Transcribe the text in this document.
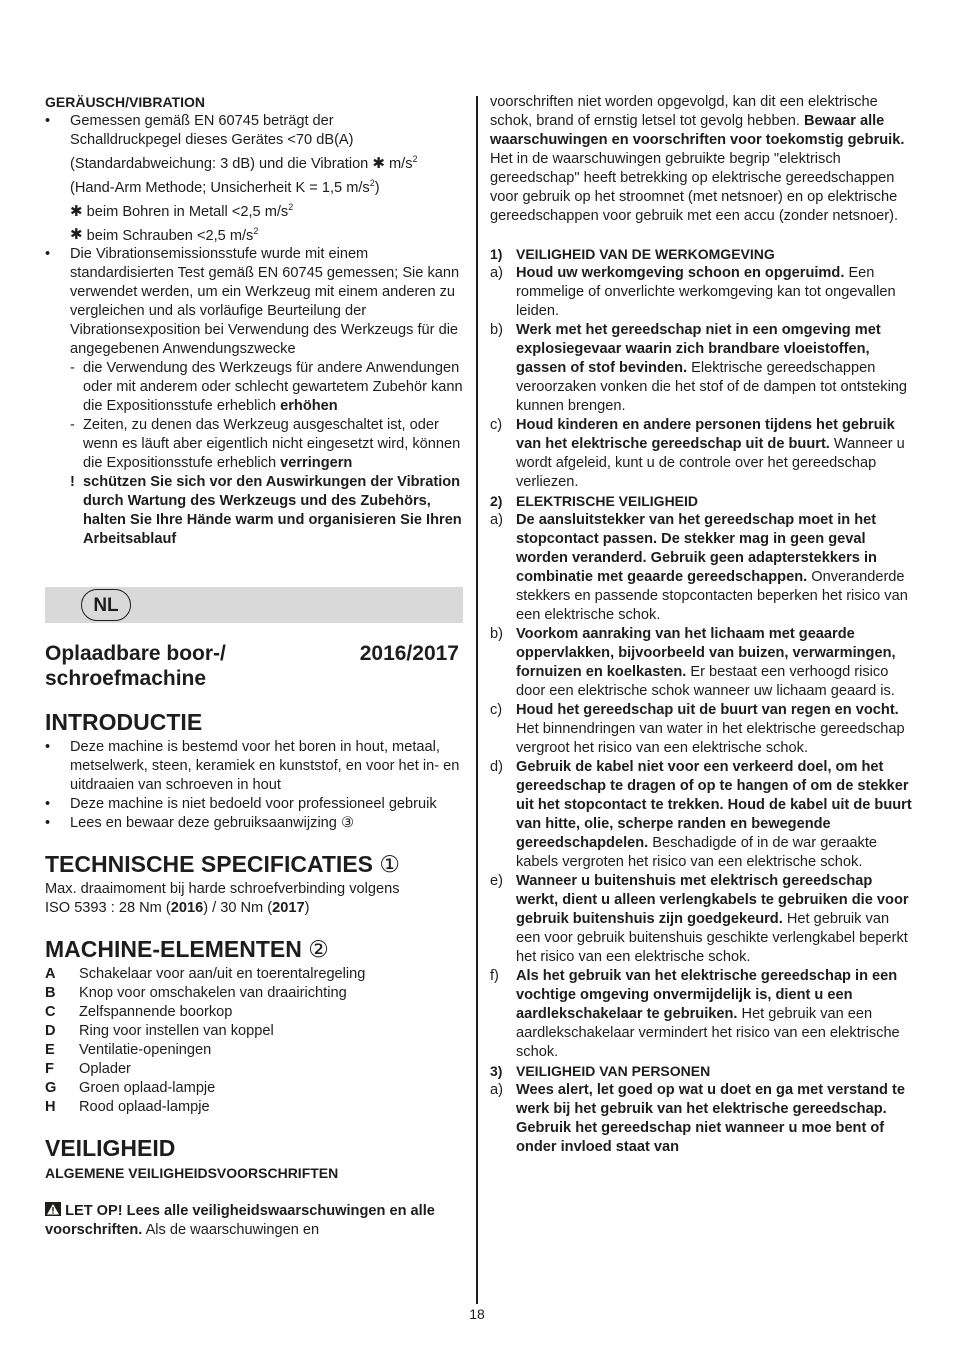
GERÄUSCH/VIBRATION

• Gemessen gemäß EN 60745 beträgt der
Schalldruckpegel dieses Gerätes <70 dB(A)
(Standardabweichung: 3 dB) und die Vibration ✱ $m/s^2$
(Hand-Arm Methode; Unsicherheit K = 1,5 $m/s^2$)
✱ beim Bohren in Metall <2,5 $m/s^2$
✱ beim Schrauben <2,5 $m/s^2$

• Die Vibrationsemissionsstufe wurde mit einem standardisierten Test gemäß EN 60745 gemessen; Sie kann verwendet werden, um ein Werkzeug mit einem anderen zu vergleichen und als vorläufige Beurteilung der Vibrationsexposition bei Verwendung des Werkzeugs für die angegebenen Anwendungszwecke

- die Verwendung des Werkzeugs für andere Anwendungen oder mit anderem oder schlecht gewartetem Zubehör kann die Expositionsstufe erheblich erhöhen
- Zeiten, zu denen das Werkzeug ausgeschaltet ist, oder wenn es läuft aber eigentlich nicht eingesetzt wird, können die Expositionsstufe erheblich verringern
! schützen Sie sich vor den Auswirkungen der Vibration durch Wartung des Werkzeugs und des Zubehörs, halten Sie Ihre Hände warm und organisieren Sie Ihren Arbeitsablauf
NL
Oplaadbare boor-/
schroefmachine
2016/2017

INTRODUCTIE

• Deze machine is bestemd voor het boren in hout, metaal, metselwerk, steen, keramiek en kunststof, en voor het in- en uitdraaien van schroeven in hout

• Deze machine is niet bedoeld voor professioneel gebruik

• Lees en bewaar deze gebruiksaanwijzing ③

TECHNISCHE SPECIFICATIES ①

Max. draaimoment bij harde schroefverbinding volgens

ISO 5393 : 28 Nm (2016) / 30 Nm (2017)

MACHINE-ELEMENTEN ②

A	Schakelaar voor aan/uit en toerentalregeling
B	Knop voor omschakelen van draairichting
C	Zelfspannende boorkop
D	Ring voor instellen van koppel
E	Ventilatie-openingen
F	Oplader
G	Groen oplaad-lampje
H	Rood oplaad-lampje

VEILIGHEID

ALGEMENE VEILIGHEIDSVOORSCHRIFTEN

LET OP! Lees alle veiligheidswaarschuwingen en alle voorschriften. Als de waarschuwingen en

voorschriften niet worden opgevolgd, kan dit een elektrische schok, brand of ernstig letsel tot gevolg hebben. Bewaar alle waarschuwingen en voorschriften voor toekomstig gebruik. Het in de waarschuwingen gebruikte begrip "elektrisch gereedschap" heeft betrekking op elektrische gereedschappen voor gebruik op het stroomnet (met netsnoer) en op elektrische gereedschappen voor gebruik met een accu (zonder netsnoer).

1) VEILIGHEID VAN DE WERKOMGEVING
a) Houd uw werkomgeving schoon en opgeruimd. Een rommelige of onverlichte werkomgeving kan tot ongevallen leiden.
b) Werk met het gereedschap niet in een omgeving met explosiegevaar waarin zich brandbare vloeistoffen, gassen of stof bevinden. Elektrische gereedschappen veroorzaken vonken die het stof of de dampen tot ontsteking kunnen brengen.
c) Houd kinderen en andere personen tijdens het gebruik van het elektrische gereedschap uit de buurt. Wanneer u wordt afgeleid, kunt u de controle over het gereedschap verliezen.
2) ELEKTRISCHE VEILIGHEID
a) De aansluitstekker van het gereedschap moet in het stopcontact passen. De stekker mag in geen geval worden veranderd. Gebruik geen adapterstekkers in combinatie met geaarde gereedschappen. Onveranderde stekkers en passende stopcontacten beperken het risico van een elektrische schok.
b) Voorkom aanraking van het lichaam met geaarde oppervlakken, bijvoorbeeld van buizen, verwarmingen, fornuizen en koelkasten. Er bestaat een verhoogd risico door een elektrische schok wanneer uw lichaam geaard is.
c) Houd het gereedschap uit de buurt van regen en vocht. Het binnendringen van water in het elektrische gereedschap vergroot het risico van een elektrische schok.
d) Gebruik de kabel niet voor een verkeerd doel, om het gereedschap te dragen of op te hangen of om de stekker uit het stopcontact te trekken. Houd de kabel uit de buurt van hitte, olie, scherpe randen en bewegende gereedschapdelen. Beschadigde of in de war geraakte kabels vergroten het risico van een elektrische schok.
e) Wanneer u buitenshuis met elektrisch gereedschap werkt, dient u alleen verlengkabels te gebruiken die voor gebruik buitenshuis zijn goedgekeurd. Het gebruik van een voor gebruik buitenshuis geschikte verlengkabel beperkt het risico van een elektrische schok.
f) Als het gebruik van het elektrische gereedschap in een vochtige omgeving onvermijdelijk is, dient u een aardlekschakelaar te gebruiken. Het gebruik van een aardlekschakelaar vermindert het risico van een elektrische schok.
3) VEILIGHEID VAN PERSONEN
a) Wees alert, let goed op wat u doet en ga met verstand te werk bij het gebruik van het elektrische gereedschap. Gebruik het gereedschap niet wanneer u moe bent of onder invloed staat van
18
